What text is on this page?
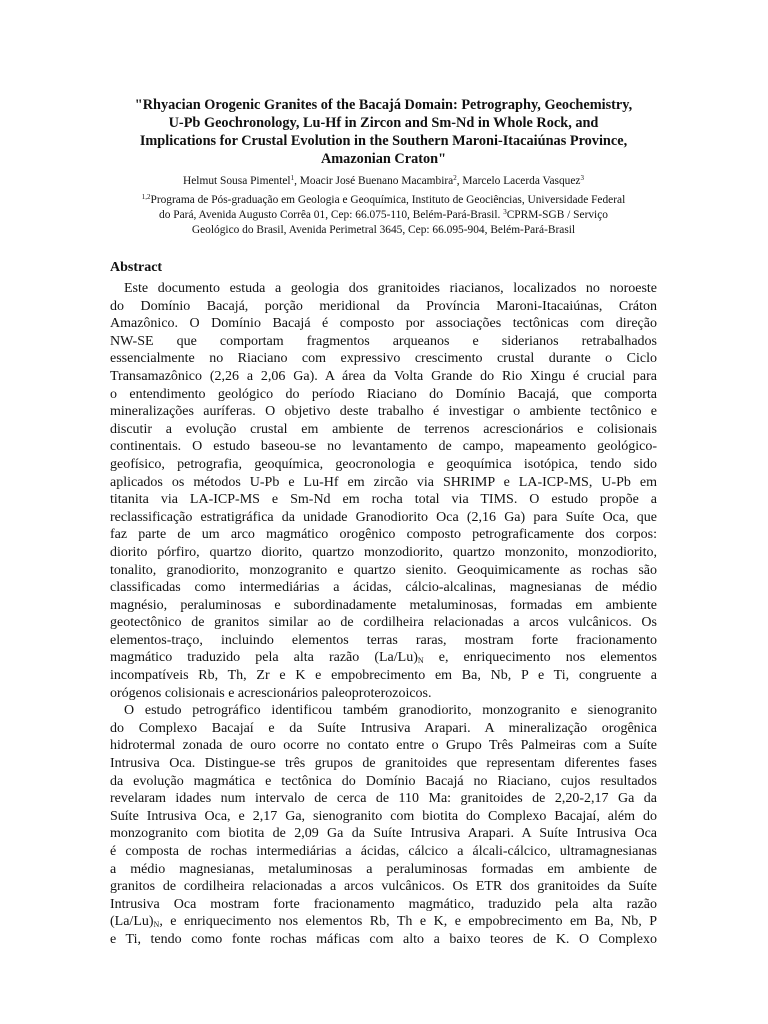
"Rhyacian Orogenic Granites of the Bacajá Domain: Petrography, Geochemistry,
U-Pb Geochronology, Lu-Hf in Zircon and Sm-Nd in Whole Rock, and
Implications for Crustal Evolution in the Southern Maroni-Itacaiúnas Province,
Amazonian Craton"
Helmut Sousa Pimentel$^1$, Moacir José Buenano Macambira$^2$, Marcelo Lacerda Vasquez$^3$
$^{1,2}$Programa de Pós-graduação em Geologia e Geoquímica, Instituto de Geociências, Universidade Federal
do Pará, Avenida Augusto Corrêa 01, Cep: 66.075-110, Belém-Pará-Brasil. $^3$CPRM-SGB / Serviço
Geológico do Brasil, Avenida Perimetral 3645, Cep: 66.095-904, Belém-Pará-Brasil
Abstract
Este documento estuda a geologia dos granitoides riacianos, localizados no noroeste
do Domínio Bacajá, porção meridional da Província Maroni-Itacaiúnas, Cráton
Amazônico. O Domínio Bacajá é composto por associações tectônicas com direção
NW-SE que comportam fragmentos arqueanos e siderianos retrabalhados
essencialmente no Riaciano com expressivo crescimento crustal durante o Ciclo
Transamazônico (2,26 a 2,06 Ga). A área da Volta Grande do Rio Xingu é crucial para
o entendimento geológico do período Riaciano do Domínio Bacajá, que comporta
mineralizações auríferas. O objetivo deste trabalho é investigar o ambiente tectônico e
discutir a evolução crustal em ambiente de terrenos acrescionários e colisionais
continentais. O estudo baseou-se no levantamento de campo, mapeamento geológico-
geofísico, petrografia, geoquímica, geocronologia e geoquímica isotópica, tendo sido
aplicados os métodos U-Pb e Lu-Hf em zircão via SHRIMP e LA-ICP-MS, U-Pb em
titanita via LA-ICP-MS e Sm-Nd em rocha total via TIMS. O estudo propõe a
reclassificação estratigráfica da unidade Granodiorito Oca (2,16 Ga) para Suíte Oca, que
faz parte de um arco magmático orogênico composto petrograficamente dos corpos:
diorito pórfiro, quartzo diorito, quartzo monzodiorito, quartzo monzonito, monzodiorito,
tonalito, granodiorito, monzogranito e quartzo sienito. Geoquimicamente as rochas são
classificadas como intermediárias a ácidas, cálcio-alcalinas, magnesianas de médio
magnésio, peraluminosas e subordinadamente metaluminosas, formadas em ambiente
geotectônico de granitos similar ao de cordilheira relacionadas a arcos vulcânicos. Os
elementos-traço, incluindo elementos terras raras, mostram forte fracionamento
magmático traduzido pela alta razão $(La/Lu)_N$ e, enriquecimento nos elementos
incompatíveis Rb, Th, Zr e K e empobrecimento em Ba, Nb, P e Ti, congruente a
orógenos colisionais e acrescionários paleoproterozoicos.
O estudo petrográfico identificou também granodiorito, monzogranito e sienogranito
do Complexo Bacajaí e da Suíte Intrusiva Arapari. A mineralização orogênica
hidrotermal zonada de ouro ocorre no contato entre o Grupo Três Palmeiras com a Suíte
Intrusiva Oca. Distingue-se três grupos de granitoides que representam diferentes fases
da evolução magmática e tectônica do Domínio Bacajá no Riaciano, cujos resultados
revelaram idades num intervalo de cerca de 110 Ma: granitoides de 2,20-2,17 Ga da
Suíte Intrusiva Oca, e 2,17 Ga, sienogranito com biotita do Complexo Bacajaí, além do
monzogranito com biotita de 2,09 Ga da Suíte Intrusiva Arapari. A Suíte Intrusiva Oca
é composta de rochas intermediárias a ácidas, cálcico a álcali-cálcico, ultramagnesianas
a médio magnesianas, metaluminosas a peraluminosas formadas em ambiente de
granitos de cordilheira relacionadas a arcos vulcânicos. Os ETR dos granitoides da Suíte
Intrusiva Oca mostram forte fracionamento magmático, traduzido pela alta razão
$(La/Lu)_N$, e enriquecimento nos elementos Rb, Th e K, e empobrecimento em Ba, Nb, P
e Ti, tendo como fonte rochas máficas com alto a baixo teores de K. O Complexo
